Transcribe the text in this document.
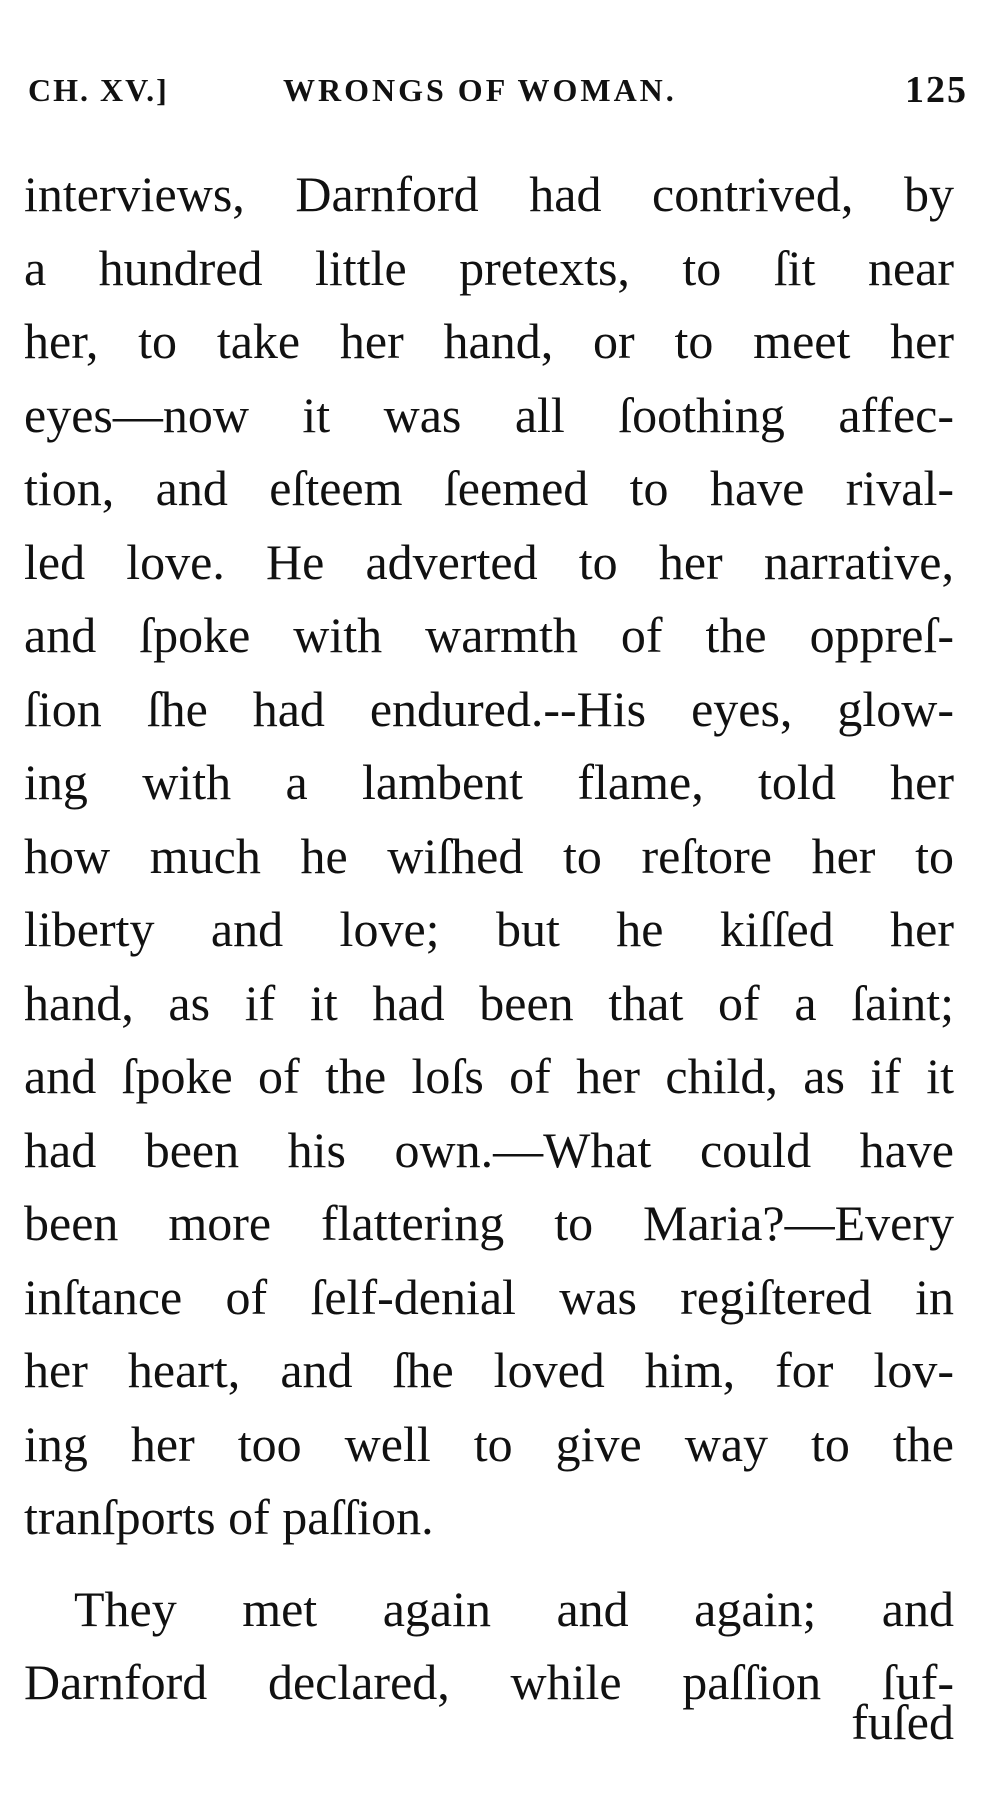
CH. XV.]	WRONGS OF WOMAN.	125
interviews, Darnford had contrived, by
a hundred little pretexts, to ſit near
her, to take her hand, or to meet her
eyes—now it was all ſoothing affec-
tion, and eſteem ſeemed to have rival-
led love. He adverted to her narrative,
and ſpoke with warmth of the oppreſ-
ſion ſhe had endured.--His eyes, glow-
ing with a lambent flame, told her
how much he wiſhed to reſtore her to
liberty and love; but he kiſſed her
hand, as if it had been that of a ſaint;
and ſpoke of the loſs of her child, as if it
had been his own.—What could have
been more flattering to Maria?—Every
inſtance of ſelf-denial was regiſtered in
her heart, and ſhe loved him, for lov-
ing her too well to give way to the
tranſports of paſſion.
They met again and again; and
Darnford declared, while paſſion ſuf-
fuſed
